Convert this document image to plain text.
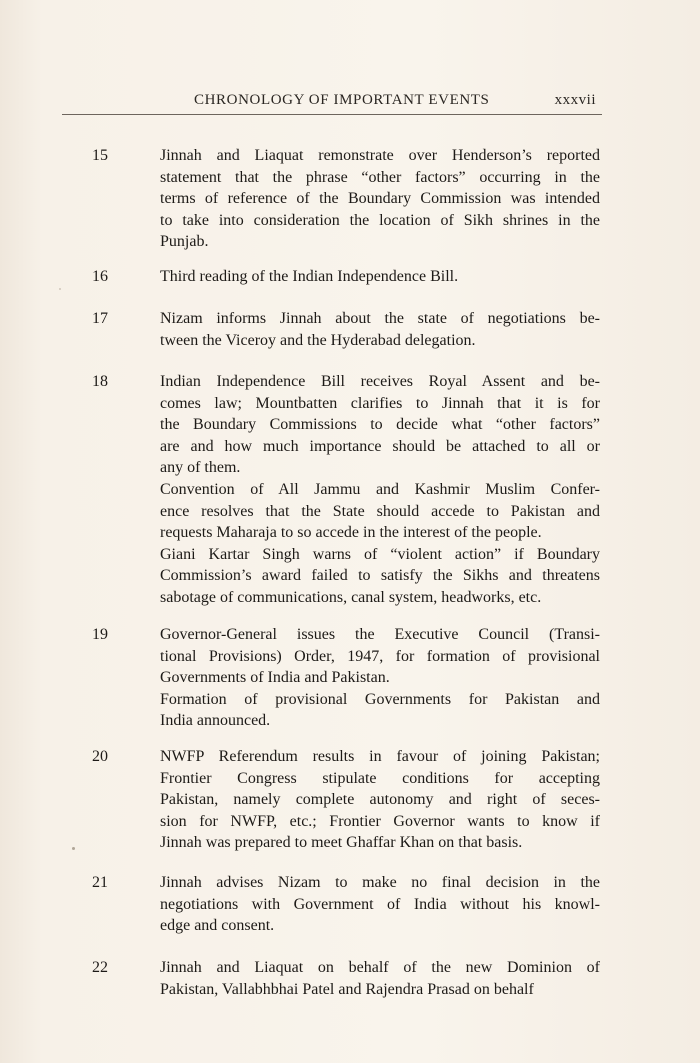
CHRONOLOGY OF IMPORTANT EVENTS	xxxvii
15	Jinnah and Liaquat remonstrate over Henderson’s reported
statement that the phrase “other factors” occurring in the
terms of reference of the Boundary Commission was intended
to take into consideration the location of Sikh shrines in the
Punjab.
16	Third reading of the Indian Independence Bill.
17	Nizam informs Jinnah about the state of negotiations be-
tween the Viceroy and the Hyderabad delegation.
18	Indian Independence Bill receives Royal Assent and be-
comes law; Mountbatten clarifies to Jinnah that it is for
the Boundary Commissions to decide what “other factors”
are and how much importance should be attached to all or
any of them.
Convention of All Jammu and Kashmir Muslim Confer-
ence resolves that the State should accede to Pakistan and
requests Maharaja to so accede in the interest of the people.
Giani Kartar Singh warns of “violent action” if Boundary
Commission’s award failed to satisfy the Sikhs and threatens
sabotage of communications, canal system, headworks, etc.
19	Governor-General issues the Executive Council (Transi-
tional Provisions) Order, 1947, for formation of provisional
Governments of India and Pakistan.
Formation of provisional Governments for Pakistan and
India announced.
20	NWFP Referendum results in favour of joining Pakistan;
Frontier Congress stipulate conditions for accepting
Pakistan, namely complete autonomy and right of seces-
sion for NWFP, etc.; Frontier Governor wants to know if
Jinnah was prepared to meet Ghaffar Khan on that basis.
21	Jinnah advises Nizam to make no final decision in the
negotiations with Government of India without his knowl-
edge and consent.
22	Jinnah and Liaquat on behalf of the new Dominion of
Pakistan, Vallabhbhai Patel and Rajendra Prasad on behalf
